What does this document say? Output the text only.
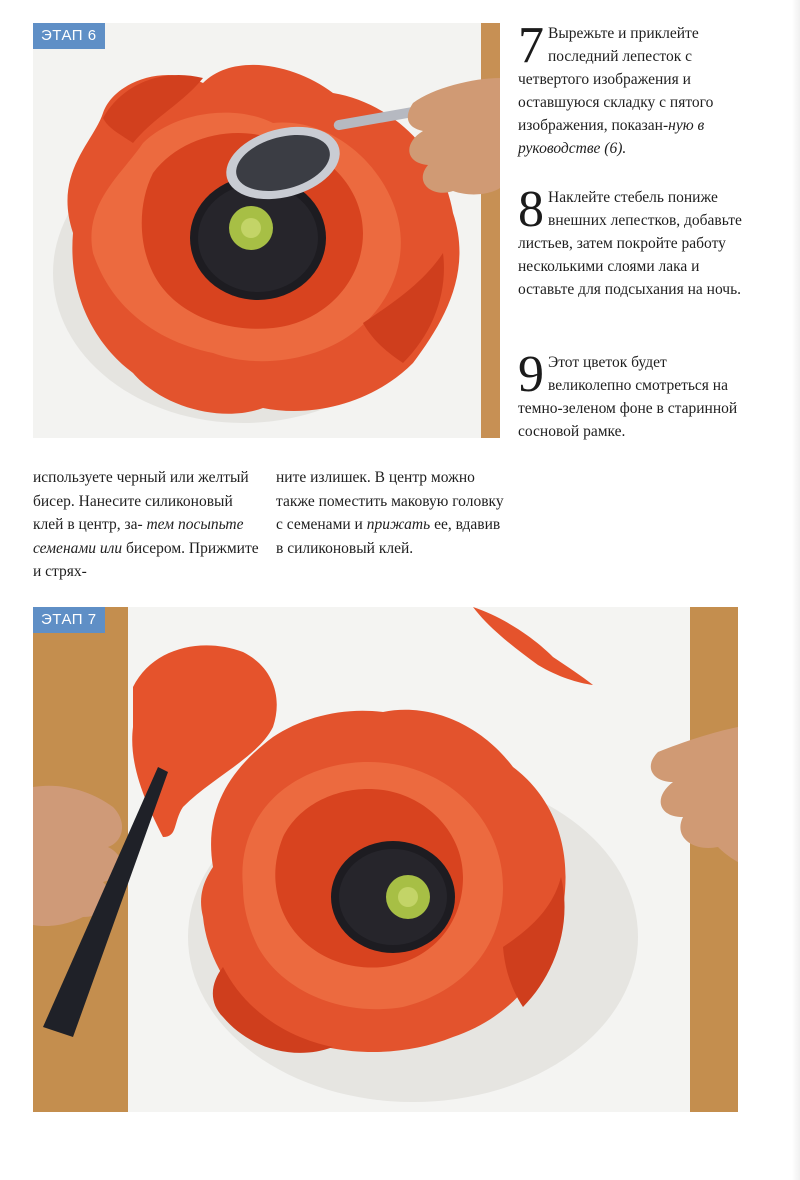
ЭТАП 6	7 Вырежьте и приклейте последний лепесток с четвертого изображения и оставшуюся складку с пятого изображения, показан-ную в руководстве (6).

8 Наклейте стебель пониже внешних лепестков, добавьте листьев, затем покройте работу несколькими слоями лака и оставьте для подсыхания на ночь.

9 Этот цветок будет великолепно смотреться на темно-зеленом фоне в старинной сосновой рамке.

используете черный или желтый бисер. Нанесите силиконовый клей в центр, за- тем посыпьте семенами или бисером. Прижмите и стрях-

ните излишек. В центр можно также поместить маковую головку с семенами и прижать ее, вдавив в силиконовый клей.

ЭТАП 7
